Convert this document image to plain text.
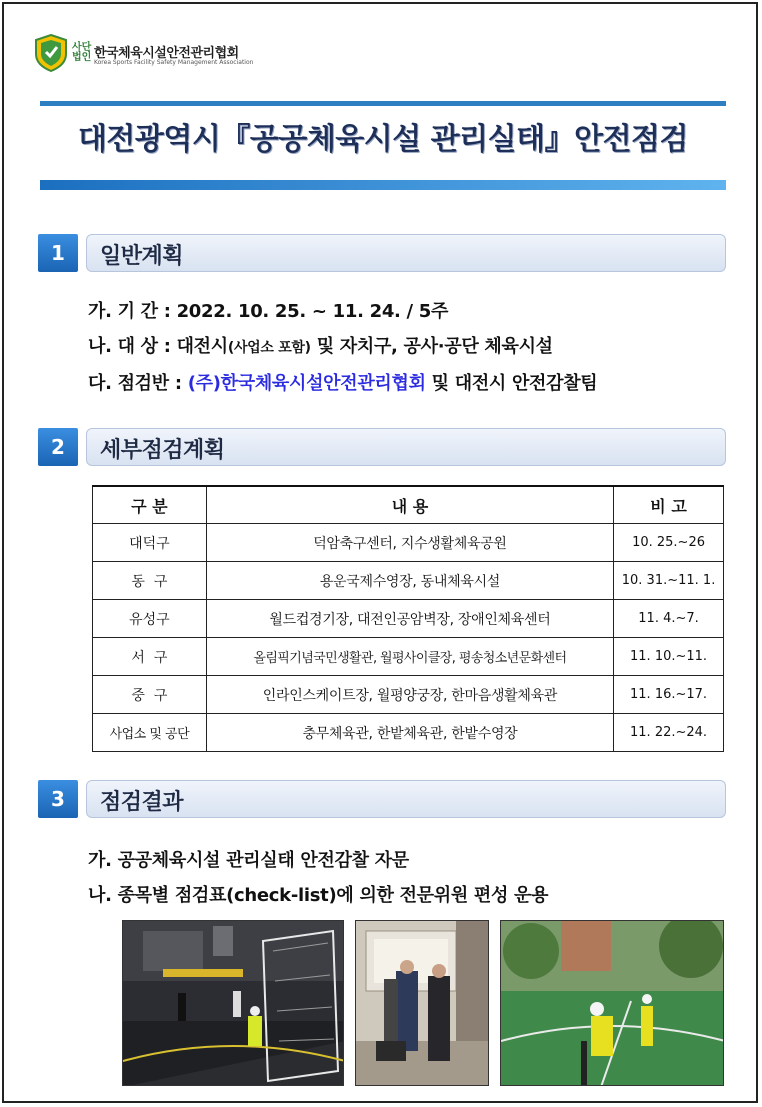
사단법인 한국체육시설안전관리협회
Korea Sports Facility Safety Management Association
대전광역시『공공체육시설 관리실태』안전점검
1	일반계획
가. 기 간 : 2022. 10. 25. ~ 11. 24. / 5주
나. 대 상 : 대전시(사업소 포함) 및 자치구, 공사·공단 체육시설
다. 점검반 : (주)한국체육시설안전관리협회 및 대전시 안전감찰팀
2	세부점검계획
구 분	내 용	비 고
대덕구	덕암축구센터, 지수생활체육공원	10. 25.~26
동  구	용운국제수영장, 동내체육시설	10. 31.~11. 1.
유성구	월드컵경기장, 대전인공암벽장, 장애인체육센터	11. 4.~7.
서  구	올림픽기념국민생활관, 월평사이클장, 평송청소년문화센터	11. 10.~11.
중  구	인라인스케이트장, 월평양궁장, 한마음생활체육관	11. 16.~17.
사업소 및 공단	충무체육관, 한밭체육관, 한밭수영장	11. 22.~24.
3	점검결과
가. 공공체육시설 관리실태 안전감찰 자문
나. 종목별 점검표(check-list)에 의한 전문위원 편성 운용
